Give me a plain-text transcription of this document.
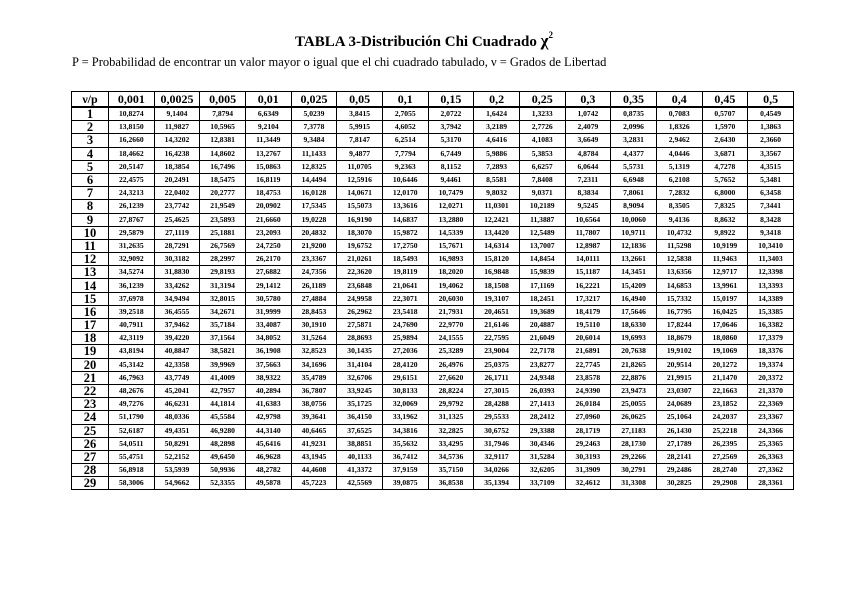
TABLA 3-Distribución Chi Cuadrado $\chi^2$
P = Probabilidad de encontrar un valor mayor o igual que el chi cuadrado tabulado, ν = Grados de Libertad
ν/p	0,001	0,0025	0,005	0,01	0,025	0,05	0,1	0,15	0,2	0,25	0,3	0,35	0,4	0,45	0,5
1	10,8274	9,1404	7,8794	6,6349	5,0239	3,8415	2,7055	2,0722	1,6424	1,3233	1,0742	0,8735	0,7083	0,5707	0,4549
2	13,8150	11,9827	10,5965	9,2104	7,3778	5,9915	4,6052	3,7942	3,2189	2,7726	2,4079	2,0996	1,8326	1,5970	1,3863
3	16,2660	14,3202	12,8381	11,3449	9,3484	7,8147	6,2514	5,3170	4,6416	4,1083	3,6649	3,2831	2,9462	2,6430	2,3660
4	18,4662	16,4238	14,8602	13,2767	11,1433	9,4877	7,7794	6,7449	5,9886	5,3853	4,8784	4,4377	4,0446	3,6871	3,3567
5	20,5147	18,3854	16,7496	15,0863	12,8325	11,0705	9,2363	8,1152	7,2893	6,6257	6,0644	5,5731	5,1319	4,7278	4,3515
6	22,4575	20,2491	18,5475	16,8119	14,4494	12,5916	10,6446	9,4461	8,5581	7,8408	7,2311	6,6948	6,2108	5,7652	5,3481
7	24,3213	22,0402	20,2777	18,4753	16,0128	14,0671	12,0170	10,7479	9,8032	9,0371	8,3834	7,8061	7,2832	6,8000	6,3458
8	26,1239	23,7742	21,9549	20,0902	17,5345	15,5073	13,3616	12,0271	11,0301	10,2189	9,5245	8,9094	8,3505	7,8325	7,3441
9	27,8767	25,4625	23,5893	21,6660	19,0228	16,9190	14,6837	13,2880	12,2421	11,3887	10,6564	10,0060	9,4136	8,8632	8,3428
10	29,5879	27,1119	25,1881	23,2093	20,4832	18,3070	15,9872	14,5339	13,4420	12,5489	11,7807	10,9711	10,4732	9,8922	9,3418
11	31,2635	28,7291	26,7569	24,7250	21,9200	19,6752	17,2750	15,7671	14,6314	13,7007	12,8987	12,1836	11,5298	10,9199	10,3410
12	32,9092	30,3182	28,2997	26,2170	23,3367	21,0261	18,5493	16,9893	15,8120	14,8454	14,0111	13,2661	12,5838	11,9463	11,3403
13	34,5274	31,8830	29,8193	27,6882	24,7356	22,3620	19,8119	18,2020	16,9848	15,9839	15,1187	14,3451	13,6356	12,9717	12,3398
14	36,1239	33,4262	31,3194	29,1412	26,1189	23,6848	21,0641	19,4062	18,1508	17,1169	16,2221	15,4209	14,6853	13,9961	13,3393
15	37,6978	34,9494	32,8015	30,5780	27,4884	24,9958	22,3071	20,6030	19,3107	18,2451	17,3217	16,4940	15,7332	15,0197	14,3389
16	39,2518	36,4555	34,2671	31,9999	28,8453	26,2962	23,5418	21,7931	20,4651	19,3689	18,4179	17,5646	16,7795	16,0425	15,3385
17	40,7911	37,9462	35,7184	33,4087	30,1910	27,5871	24,7690	22,9770	21,6146	20,4887	19,5110	18,6330	17,8244	17,0646	16,3382
18	42,3119	39,4220	37,1564	34,8052	31,5264	28,8693	25,9894	24,1555	22,7595	21,6049	20,6014	19,6993	18,8679	18,0860	17,3379
19	43,8194	40,8847	38,5821	36,1908	32,8523	30,1435	27,2036	25,3289	23,9004	22,7178	21,6891	20,7638	19,9102	19,1069	18,3376
20	45,3142	42,3358	39,9969	37,5663	34,1696	31,4104	28,4120	26,4976	25,0375	23,8277	22,7745	21,8265	20,9514	20,1272	19,3374
21	46,7963	43,7749	41,4009	38,9322	35,4789	32,6706	29,6151	27,6620	26,1711	24,9348	23,8578	22,8876	21,9915	21,1470	20,3372
22	48,2676	45,2041	42,7957	40,2894	36,7807	33,9245	30,8133	28,8224	27,3015	26,0393	24,9390	23,9473	23,0307	22,1663	21,3370
23	49,7276	46,6231	44,1814	41,6383	38,0756	35,1725	32,0069	29,9792	28,4288	27,1413	26,0184	25,0055	24,0689	23,1852	22,3369
24	51,1790	48,0336	45,5584	42,9798	39,3641	36,4150	33,1962	31,1325	29,5533	28,2412	27,0960	26,0625	25,1064	24,2037	23,3367
25	52,6187	49,4351	46,9280	44,3140	40,6465	37,6525	34,3816	32,2825	30,6752	29,3388	28,1719	27,1183	26,1430	25,2218	24,3366
26	54,0511	50,8291	48,2898	45,6416	41,9231	38,8851	35,5632	33,4295	31,7946	30,4346	29,2463	28,1730	27,1789	26,2395	25,3365
27	55,4751	52,2152	49,6450	46,9628	43,1945	40,1133	36,7412	34,5736	32,9117	31,5284	30,3193	29,2266	28,2141	27,2569	26,3363
28	56,8918	53,5939	50,9936	48,2782	44,4608	41,3372	37,9159	35,7150	34,0266	32,6205	31,3909	30,2791	29,2486	28,2740	27,3362
29	58,3006	54,9662	52,3355	49,5878	45,7223	42,5569	39,0875	36,8538	35,1394	33,7109	32,4612	31,3308	30,2825	29,2908	28,3361
